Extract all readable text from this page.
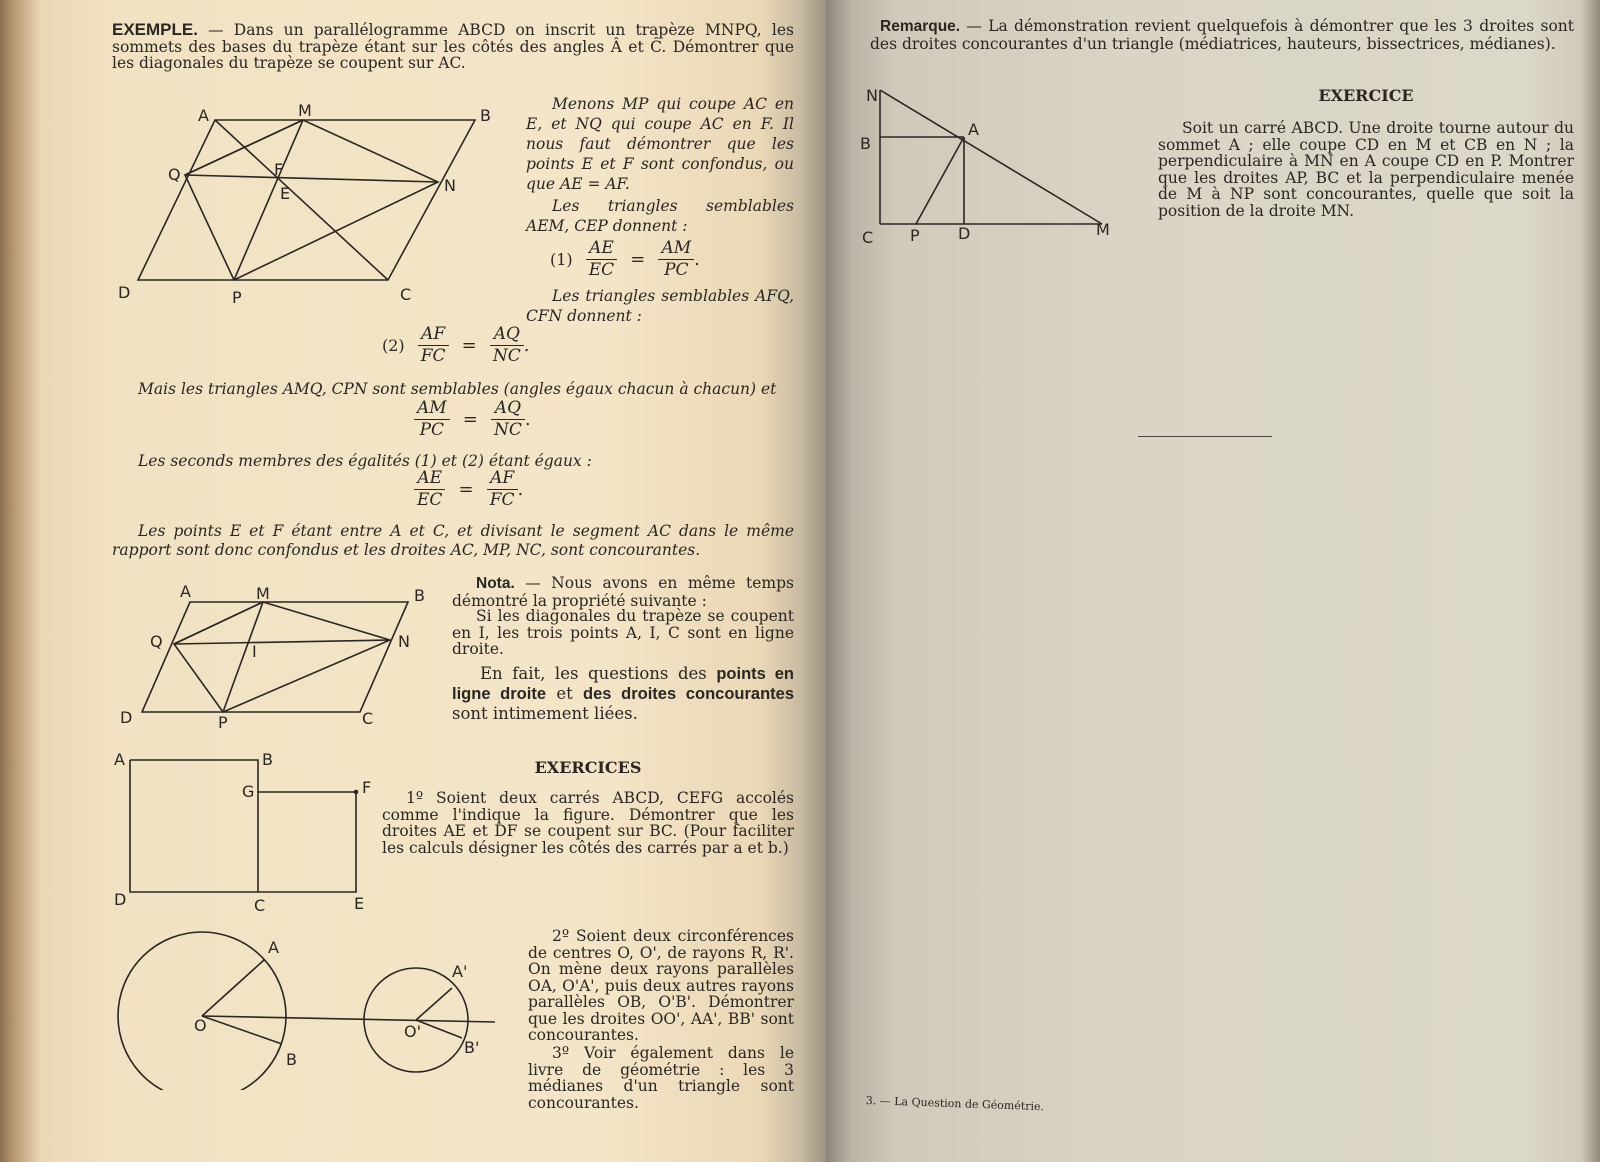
EXEMPLE. — Dans un parallélogramme ABCD on inscrit un trapèze MNPQ, les sommets des bases du trapèze étant sur les côtés des angles Â et Ĉ. Démontrer que les diagonales du trapèze se coupent sur AC.
A	M	B
Q	F
E	N
D	P	C
Menons MP qui coupe AC en E, et NQ qui coupe AC en F. Il nous faut démontrer que les points E et F sont confondus, ou que AE = AF.
Les triangles semblables AEM, CEP donnent :
$(1) \frac{AE}{EC} = \frac{AM}{PC}$ .
Les triangles semblables AFQ, CFN donnent :
$(2) \frac{AF}{FC} = \frac{AQ}{NC}$ .
Mais les triangles AMQ, CPN sont semblables (angles égaux chacun à chacun) et
$\frac{AM}{PC} = \frac{AQ}{NC}$ .
Les seconds membres des égalités (1) et (2) étant égaux :
$\frac{AE}{EC} = \frac{AF}{FC}$ .
Les points E et F étant entre A et C, et divisant le segment AC dans le même rapport sont donc confondus et les droites AC, MP, NC, sont concourantes.
A	M	B
Q
I
N
D	P	C
Nota. — Nous avons en même temps démontré la propriété suivante :
Si les diagonales du trapèze se coupent en I, les trois points A, I, C sont en ligne droite.
En fait, les questions des points en ligne droite et des droites concourantes sont intimement liées.
EXERCICES
A	B
G	F
D	C	E
1º Soient deux carrés ABCD, CEFG accolés comme l'indique la figure. Démontrer que les droites AE et DF se coupent sur BC. (Pour faciliter les calculs désigner les côtés des carrés par a et b.)
A
O
B
A'
O'
B'
2º Soient deux circonférences de centres O, O', de rayons R, R'. On mène deux rayons parallèles OA, O'A', puis deux autres rayons parallèles OB, O'B'. Démontrer que les droites OO', AA', BB' sont concourantes.
3º Voir également dans le livre de géométrie : les 3 médianes d'un triangle sont concourantes.
Remarque. — La démonstration revient quelquefois à démontrer que les 3 droites sont des droites concourantes d'un triangle (médiatrices, hauteurs, bissectrices, médianes).
N
B
A
C P D	M
EXERCICE
Soit un carré ABCD. Une droite tourne autour du sommet A ; elle coupe CD en M et CB en N ; la perpendiculaire à MN en A coupe CD en P. Montrer que les droites AP, BC et la perpendiculaire menée de M à NP sont concourantes, quelle que soit la position de la droite MN.
3. — La Question de Géométrie.
